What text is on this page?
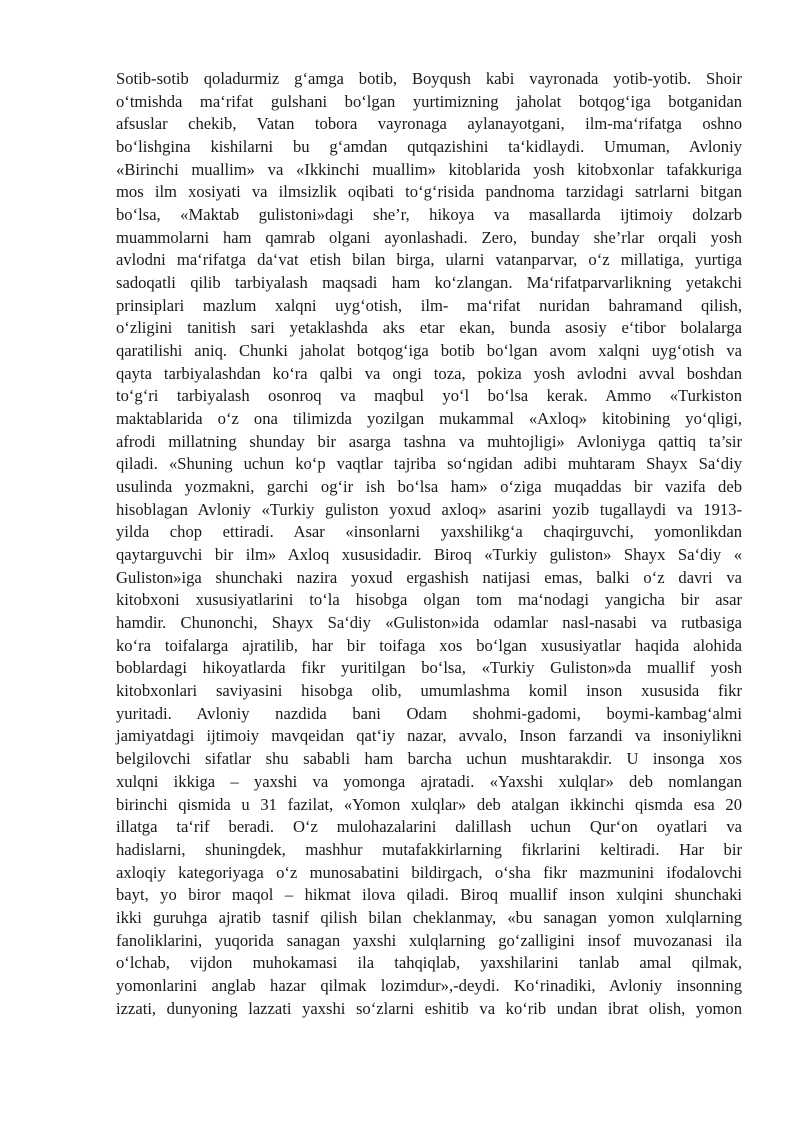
Sotib-sotib qoladurmiz g‘amga botib, Boyqush kabi vayronada yotib-yotib. Shoir
o‘tmishda ma‘rifat gulshani bo‘lgan yurtimizning jaholat botqog‘iga botganidan
afsuslar chekib, Vatan tobora vayronaga aylanayotgani, ilm-ma‘rifatga oshno
bo‘lishgina kishilarni bu g‘amdan qutqazishini ta‘kidlaydi. Umuman, Avloniy
«Birinchi muallim» va «Ikkinchi muallim» kitoblarida yosh kitobxonlar tafakkuriga
mos ilm xosiyati va ilmsizlik oqibati to‘g‘risida pandnoma tarzidagi satrlarni bitgan
bo‘lsa, «Maktab gulistoni»dagi she’r, hikoya va masallarda ijtimoiy dolzarb
muammolarni ham qamrab olgani ayonlashadi. Zero, bunday she’rlar orqali yosh
avlodni ma‘rifatga da‘vat etish bilan birga, ularni vatanparvar, o‘z millatiga, yurtiga
sadoqatli qilib tarbiyalash maqsadi ham ko‘zlangan. Ma‘rifatparvarlikning yetakchi
prinsiplari mazlum xalqni uyg‘otish, ilm- ma‘rifat nuridan bahramand qilish,
o‘zligini tanitish sari yetaklashda aks etar ekan, bunda asosiy e‘tibor bolalarga
qaratilishi aniq. Chunki jaholat botqog‘iga botib bo‘lgan avom xalqni uyg‘otish va
qayta tarbiyalashdan ko‘ra qalbi va ongi toza, pokiza yosh avlodni avval boshdan
to‘g‘ri tarbiyalash osonroq va maqbul yo‘l bo‘lsa kerak. Ammo «Turkiston
maktablarida o‘z ona tilimizda yozilgan mukammal «Axloq» kitobining yo‘qligi,
afrodi millatning shunday bir asarga tashna va muhtojligi» Avloniyga qattiq ta’sir
qiladi. «Shuning uchun ko‘p vaqtlar tajriba so‘ngidan adibi muhtaram Shayx Sa‘diy
usulinda yozmakni, garchi og‘ir ish bo‘lsa ham» o‘ziga muqaddas bir vazifa deb
hisoblagan Avloniy «Turkiy guliston yoxud axloq» asarini yozib tugallaydi va 1913-
yilda chop ettiradi. Asar «insonlarni yaxshilikg‘a chaqirguvchi, yomonlikdan
qaytarguvchi bir ilm» Axloq xususidadir. Biroq «Turkiy guliston» Shayx Sa‘diy «
Guliston»iga shunchaki nazira yoxud ergashish natijasi emas, balki o‘z davri va
kitobxoni xususiyatlarini to‘la hisobga olgan tom ma‘nodagi yangicha bir asar
hamdir. Chunonchi, Shayx Sa‘diy «Guliston»ida odamlar nasl-nasabi va rutbasiga
ko‘ra toifalarga ajratilib, har bir toifaga xos bo‘lgan xususiyatlar haqida alohida
boblardagi hikoyatlarda fikr yuritilgan bo‘lsa, «Turkiy Guliston»da muallif yosh
kitobxonlari saviyasini hisobga olib, umumlashma komil inson xususida fikr
yuritadi. Avloniy nazdida bani Odam shohmi-gadomi, boymi-kambag‘almi
jamiyatdagi ijtimoiy mavqeidan qat‘iy nazar, avvalo, Inson farzandi va insoniylikni
belgilovchi sifatlar shu sababli ham barcha uchun mushtarakdir. U insonga xos
xulqni ikkiga – yaxshi va yomonga ajratadi. «Yaxshi xulqlar» deb nomlangan
birinchi qismida u 31 fazilat, «Yomon xulqlar» deb atalgan ikkinchi qismda esa 20
illatga ta‘rif beradi. O‘z mulohazalarini dalillash uchun Qur‘on oyatlari va
hadislarni, shuningdek, mashhur mutafakkirlarning fikrlarini keltiradi. Har bir
axloqiy kategoriyaga o‘z munosabatini bildirgach, o‘sha fikr mazmunini ifodalovchi
bayt, yo biror maqol – hikmat ilova qiladi. Biroq muallif inson xulqini shunchaki
ikki guruhga ajratib tasnif qilish bilan cheklanmay, «bu sanagan yomon xulqlarning
fanoliklarini, yuqorida sanagan yaxshi xulqlarning go‘zalligini insof muvozanasi ila
o‘lchab, vijdon muhokamasi ila tahqiqlab, yaxshilarini tanlab amal qilmak,
yomonlarini anglab hazar qilmak lozimdur»,-deydi. Ko‘rinadiki, Avloniy insonning
izzati, dunyoning lazzati yaxshi so‘zlarni eshitib va ko‘rib undan ibrat olish, yomon
